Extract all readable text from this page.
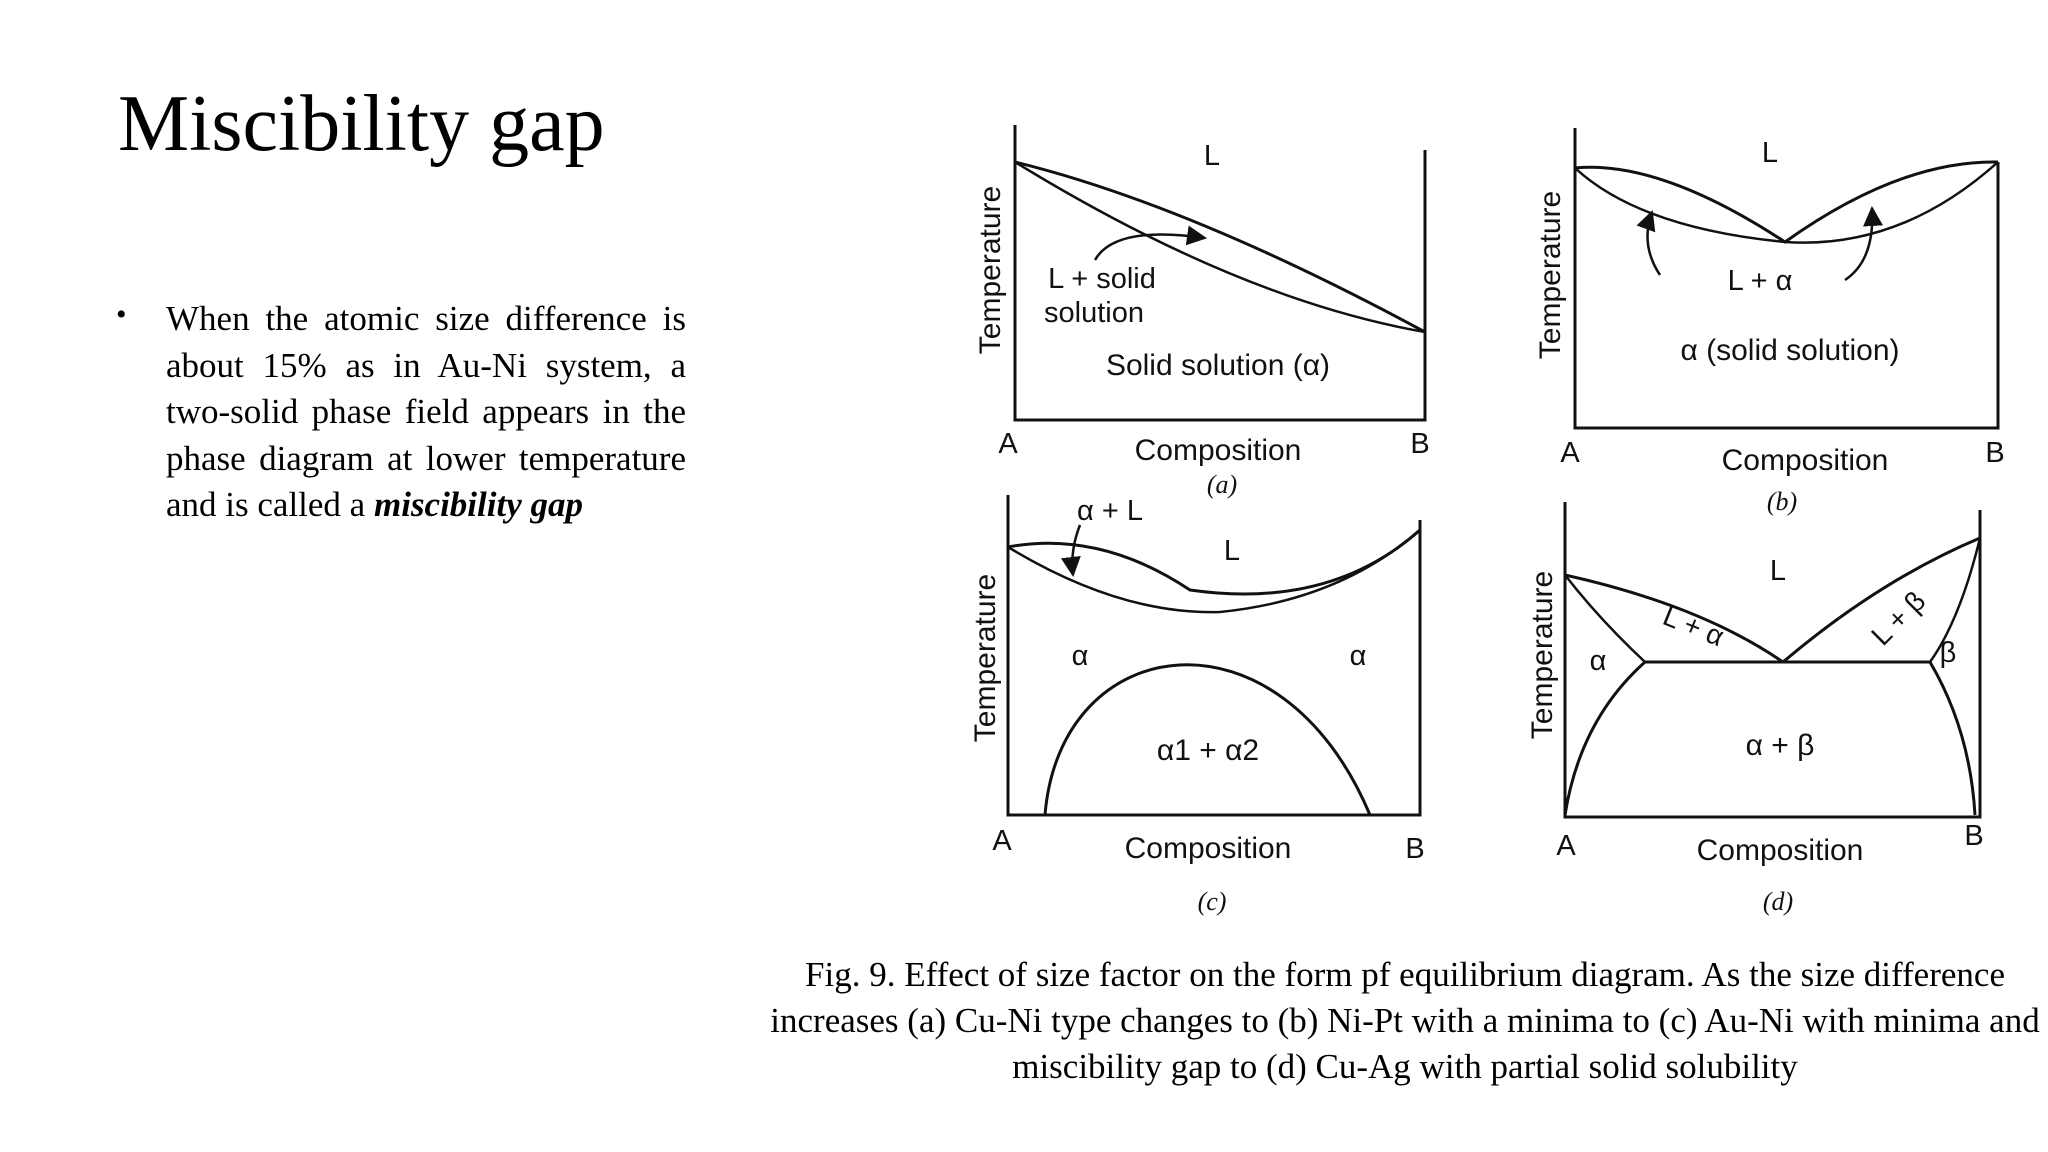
Miscibility gap
• When the atomic size difference is about 15% as in Au-Ni system, a two-solid phase field appears in the phase diagram at lower temperature and is called a miscibility gap
Temperature
L
L + solid
solution
Solid solution (α)
A	Composition	B
(a)
Temperature
L
L + α
α (solid solution)
A	Composition	B
(b)
Temperature
α + L
L
α	α
α1 + α2
A	Composition	B
(c)
Temperature	L
L + α	L + β
α	β
α + β
A	Composition	B
(d)

Fig. 9. Effect of size factor on the form pf equilibrium diagram. As the size difference increases (a) Cu-Ni type changes to (b) Ni-Pt with a minima to (c) Au-Ni with minima and miscibility gap to (d) Cu-Ag with partial solid solubility
